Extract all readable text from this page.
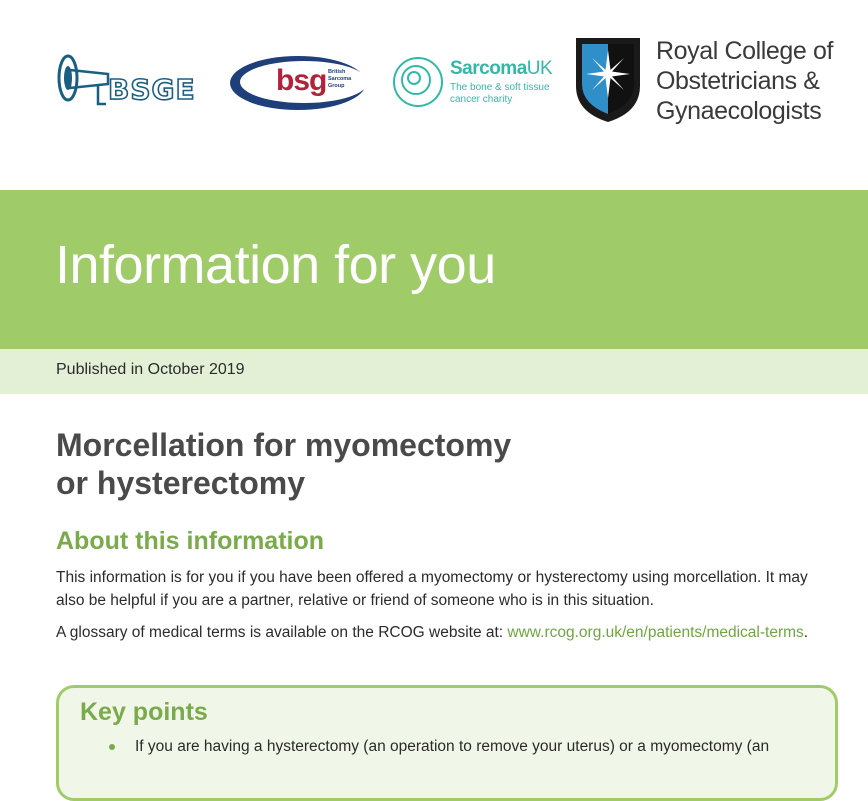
BSGE	bsg British
Sarcoma
Group
SarcomaUK
The bone & soft tissue
cancer charity
Royal College of
Obstetricians &
Gynaecologists
Information for you
Published in October 2019
Morcellation for myomectomy
or hysterectomy
About this information

This information is for you if you have been offered a myomectomy or hysterectomy using morcellation. It may also be helpful if you are a partner, relative or friend of someone who is in this situation.

A glossary of medical terms is available on the RCOG website at: www.rcog.org.uk/en/patients/medical-terms.

Key points

If you are having a hysterectomy (an operation to remove your uterus) or a myomectomy (an
